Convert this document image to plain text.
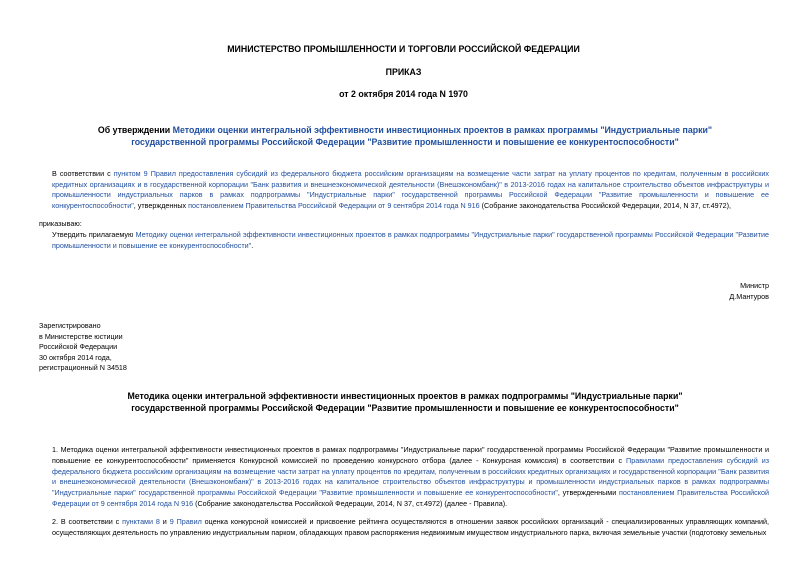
МИНИСТЕРСТВО ПРОМЫШЛЕННОСТИ И ТОРГОВЛИ РОССИЙСКОЙ ФЕДЕРАЦИИ
ПРИКАЗ
от 2 октября 2014 года N 1970
Об утверждении Методики оценки интегральной эффективности инвестиционных проектов в рамках программы "Индустриальные парки" государственной программы Российской Федерации "Развитие промышленности и повышение ее конкурентоспособности"
В соответствии с пунктом 9 Правил предоставления субсидий из федерального бюджета российским организациям на возмещение части затрат на уплату процентов по кредитам, полученным в российских кредитных организациях и в государственной корпорации "Банк развития и внешнеэкономической деятельности (Внешэкономбанк)" в 2013-2016 годах на капитальное строительство объектов инфраструктуры и промышленности индустриальных парков в рамках подпрограммы "Индустриальные парки" государственной программы Российской Федерации "Развитие промышленности и повышение ее конкурентоспособности", утвержденных постановлением Правительства Российской Федерации от 9 сентября 2014 года N 916 (Собрание законодательства Российской Федерации, 2014, N 37, ст.4972),
приказываю:
Утвердить прилагаемую Методику оценки интегральной эффективности инвестиционных проектов в рамках подпрограммы "Индустриальные парки" государственной программы Российской Федерации "Развитие промышленности и повышение ее конкурентоспособности".
Министр
Д.Мантуров
Зарегистрировано
в Министерстве юстиции
Российской Федерации
30 октября 2014 года,
регистрационный N 34518
Методика оценки интегральной эффективности инвестиционных проектов в рамках подпрограммы "Индустриальные парки" государственной программы Российской Федерации "Развитие промышленности и повышение ее конкурентоспособности"
1. Методика оценки интегральной эффективности инвестиционных проектов в рамках подпрограммы "Индустриальные парки" государственной программы Российской Федерации "Развитие промышленности и повышение ее конкурентоспособности" применяется Конкурсной комиссией по проведению конкурсного отбора (далее - Конкурсная комиссия) в соответствии с Правилами предоставления субсидий из федерального бюджета российским организациям на возмещение части затрат на уплату процентов по кредитам, полученным в российских кредитных организациях и государственной корпорации "Банк развития и внешнеэкономической деятельности (Внешэкономбанк)" в 2013-2016 годах на капитальное строительство объектов инфраструктуры и промышленности индустриальных парков в рамках подпрограммы "Индустриальные парки" государственной программы Российской Федерации "Развитие промышленности и повышение ее конкурентоспособности", утвержденными постановлением Правительства Российской Федерации от 9 сентября 2014 года N 916 (Собрание законодательства Российской Федерации, 2014, N 37, ст.4972) (далее - Правила).
2. В соответствии с пунктами 8 и 9 Правил оценка конкурсной комиссией и присвоение рейтинга осуществляются в отношении заявок российских организаций - специализированных управляющих компаний, осуществляющих деятельность по управлению индустриальным парком, обладающих правом распоряжения недвижимым имуществом индустриального парка, включая земельные участки (подготовку земельных
